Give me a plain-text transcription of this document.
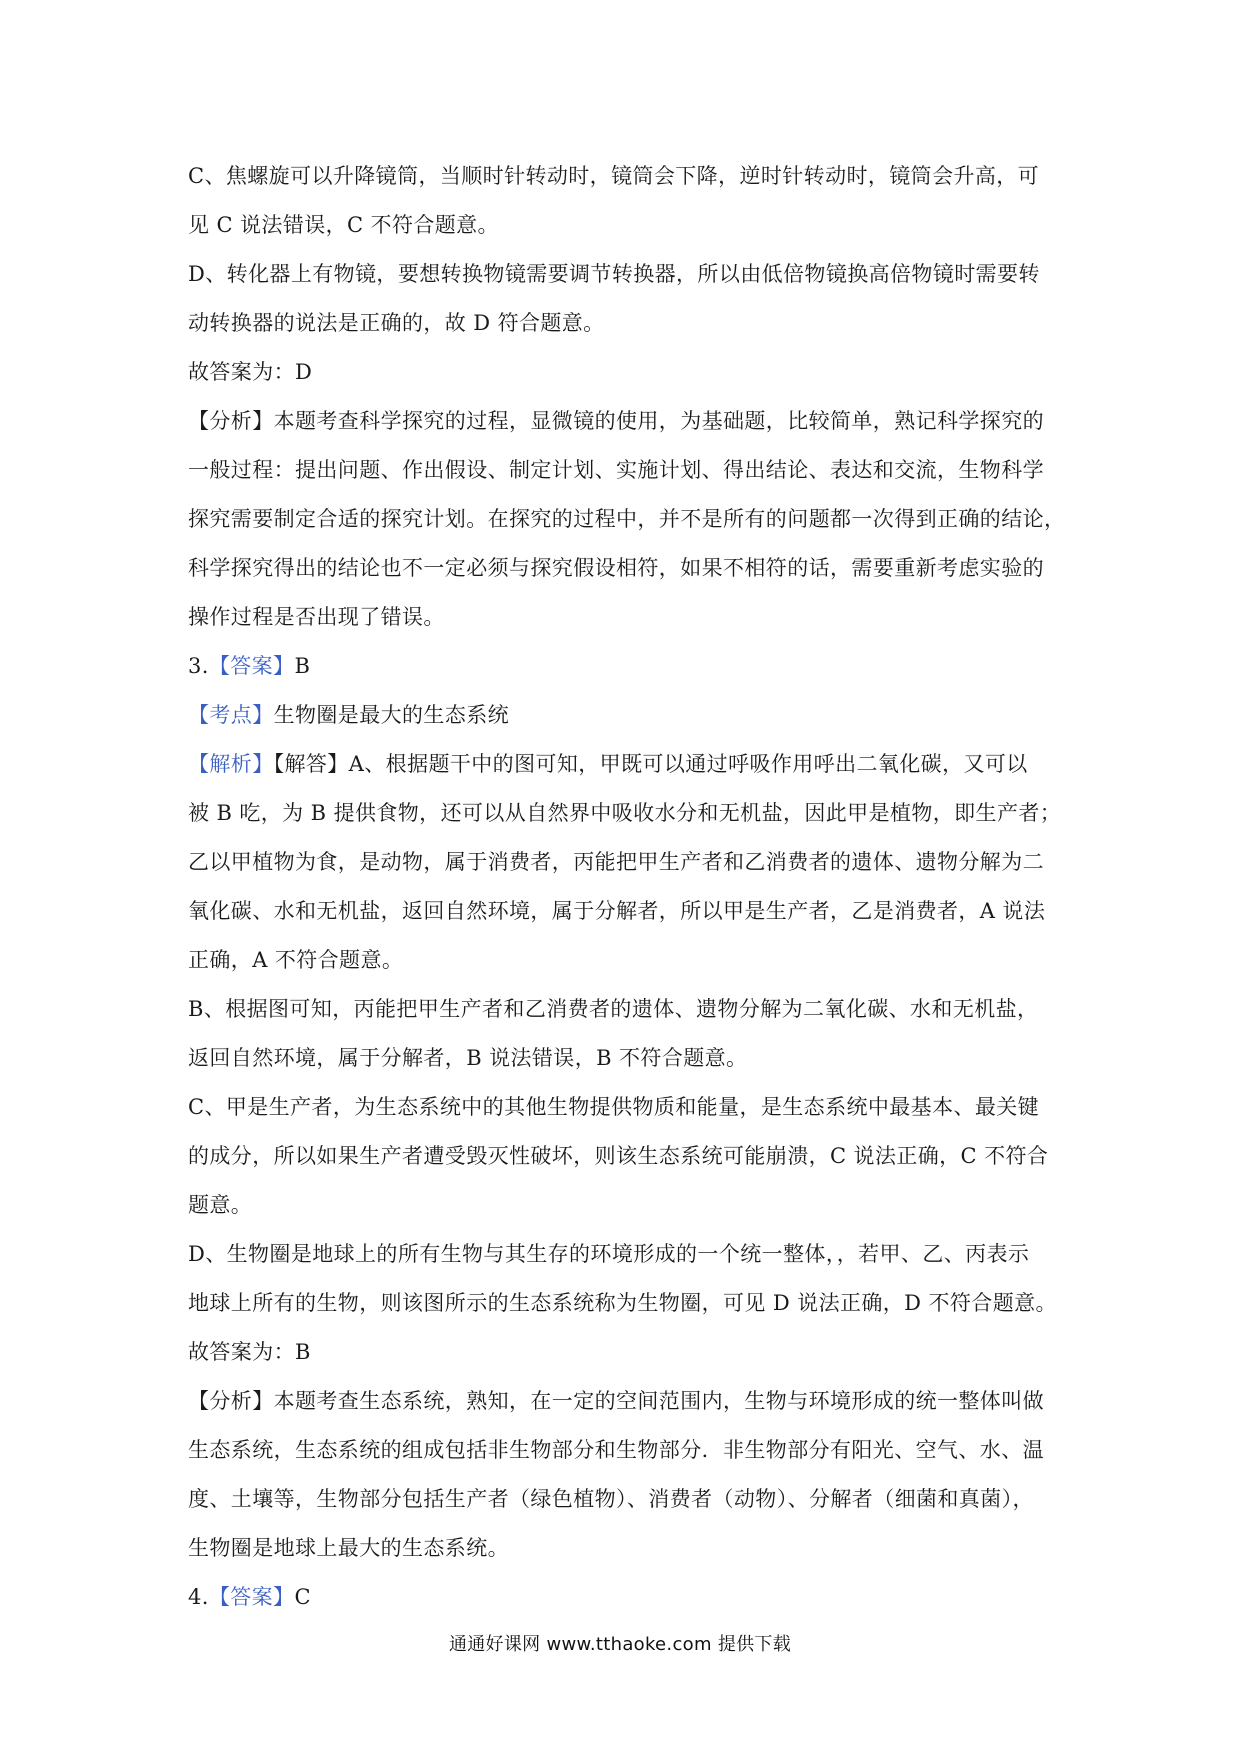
C、焦螺旋可以升降镜筒，当顺时针转动时，镜筒会下降，逆时针转动时，镜筒会升高，可
见 C 说法错误，C 不符合题意。
D、转化器上有物镜，要想转换物镜需要调节转换器，所以由低倍物镜换高倍物镜时需要转
动转换器的说法是正确的，故 D 符合题意。
故答案为：D
【分析】本题考查科学探究的过程，显微镜的使用，为基础题，比较简单，熟记科学探究的
一般过程：提出问题、作出假设、制定计划、实施计划、得出结论、表达和交流，生物科学
探究需要制定合适的探究计划。在探究的过程中，并不是所有的问题都一次得到正确的结论，
科学探究得出的结论也不一定必须与探究假设相符，如果不相符的话，需要重新考虑实验的
操作过程是否出现了错误。
3.【答案】B
【考点】生物圈是最大的生态系统
【解析】【解答】A、根据题干中的图可知，甲既可以通过呼吸作用呼出二氧化碳，又可以
被 B 吃，为 B 提供食物，还可以从自然界中吸收水分和无机盐，因此甲是植物，即生产者；
乙以甲植物为食，是动物，属于消费者，丙能把甲生产者和乙消费者的遗体、遗物分解为二
氧化碳、水和无机盐，返回自然环境，属于分解者，所以甲是生产者，乙是消费者，A 说法
正确，A 不符合题意。
B、根据图可知，丙能把甲生产者和乙消费者的遗体、遗物分解为二氧化碳、水和无机盐，
返回自然环境，属于分解者，B 说法错误，B 不符合题意。
C、甲是生产者，为生态系统中的其他生物提供物质和能量，是生态系统中最基本、最关键
的成分，所以如果生产者遭受毁灭性破坏，则该生态系统可能崩溃，C 说法正确，C 不符合
题意。
D、生物圈是地球上的所有生物与其生存的环境形成的一个统一整体，，若甲、乙、丙表示
地球上所有的生物，则该图所示的生态系统称为生物圈，可见 D 说法正确，D 不符合题意。
故答案为：B
【分析】本题考查生态系统，熟知，在一定的空间范围内，生物与环境形成的统一整体叫做
生态系统，生态系统的组成包括非生物部分和生物部分．非生物部分有阳光、空气、水、温
度、土壤等，生物部分包括生产者（绿色植物）、消费者（动物）、分解者（细菌和真菌），
生物圈是地球上最大的生态系统。
4.【答案】C
通通好课网 www.tthaoke.com 提供下载
